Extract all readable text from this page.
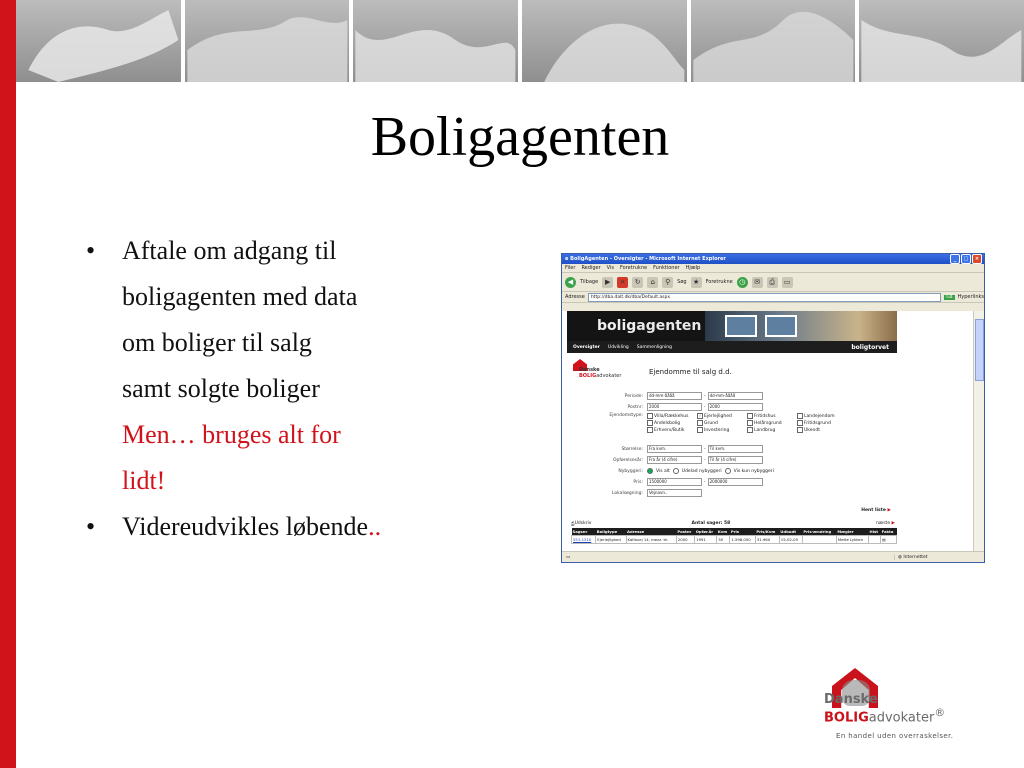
Boligagenten
• Aftale om adgang til
boligagenten med data
om boliger til salg
samt solgte boliger
Men… bruges alt for
lidt!
• Videreudvikles løbende..
e BoligAgenten - Oversigter - Microsoft Internet Explorer	_	□	×
Filer Rediger Vis Foretrukne Funktioner Hjælp
◀	Tilbage ▶	×	↻	⌂	⚲	Søg ★	Foretrukne ◷	✉	⎙	▭
Adresse	http://dba.dalt.dk/dba/Default.aspx	Gå	Hyperlinks
boligagenten
Oversigter Udvikling Sammenligning	boligtorvet
Danske
BOLIGadvokater	Ejendomme til salg d.d.
Periode:	dd-mm-åååå	-	dd-mm-åååå
Postnr:	2000	-	2000
Ejendomstype:	Villa/Rækkehus	✓ Ejerlejlighed	Fritidshus	Landejendom
Andelsbolig	Grund	Helårsgrund	Fritidsgrund
Erhverv/Butik	Investering	Landbrug	Ukendt
Størrelse:	Fra kvm.	-	Til kvm.
Opførelsesår:	Fra år (4 cifre)	-	Til år (4 cifre)
Nybyggeri:	Vis alt	Udelad nybyggeri	Vis kun nybyggeri
Pris:	1500000	-	2000000
Lokalsøgning:	Vejnavn..
Hent liste ▶
⎙ Udskriv	Antal sager: 58	næste ▶
Sagsnr	Boligtype	Adresse	Postnr	Opfør.år	Kvm	Pris	Pris/Kvm	Udbudt	Pris-ændring	Mægler	Hist	Fakta
551-1310	Ejerlejlighed	Kalfovej 14, mezz. th.	2000	1991	50	1.598.000	31.960	15-02-05		Mette Lykken		▤
▭	◍ Internettet
Danske
BOLIGadvokater®
En handel uden overraskelser.
